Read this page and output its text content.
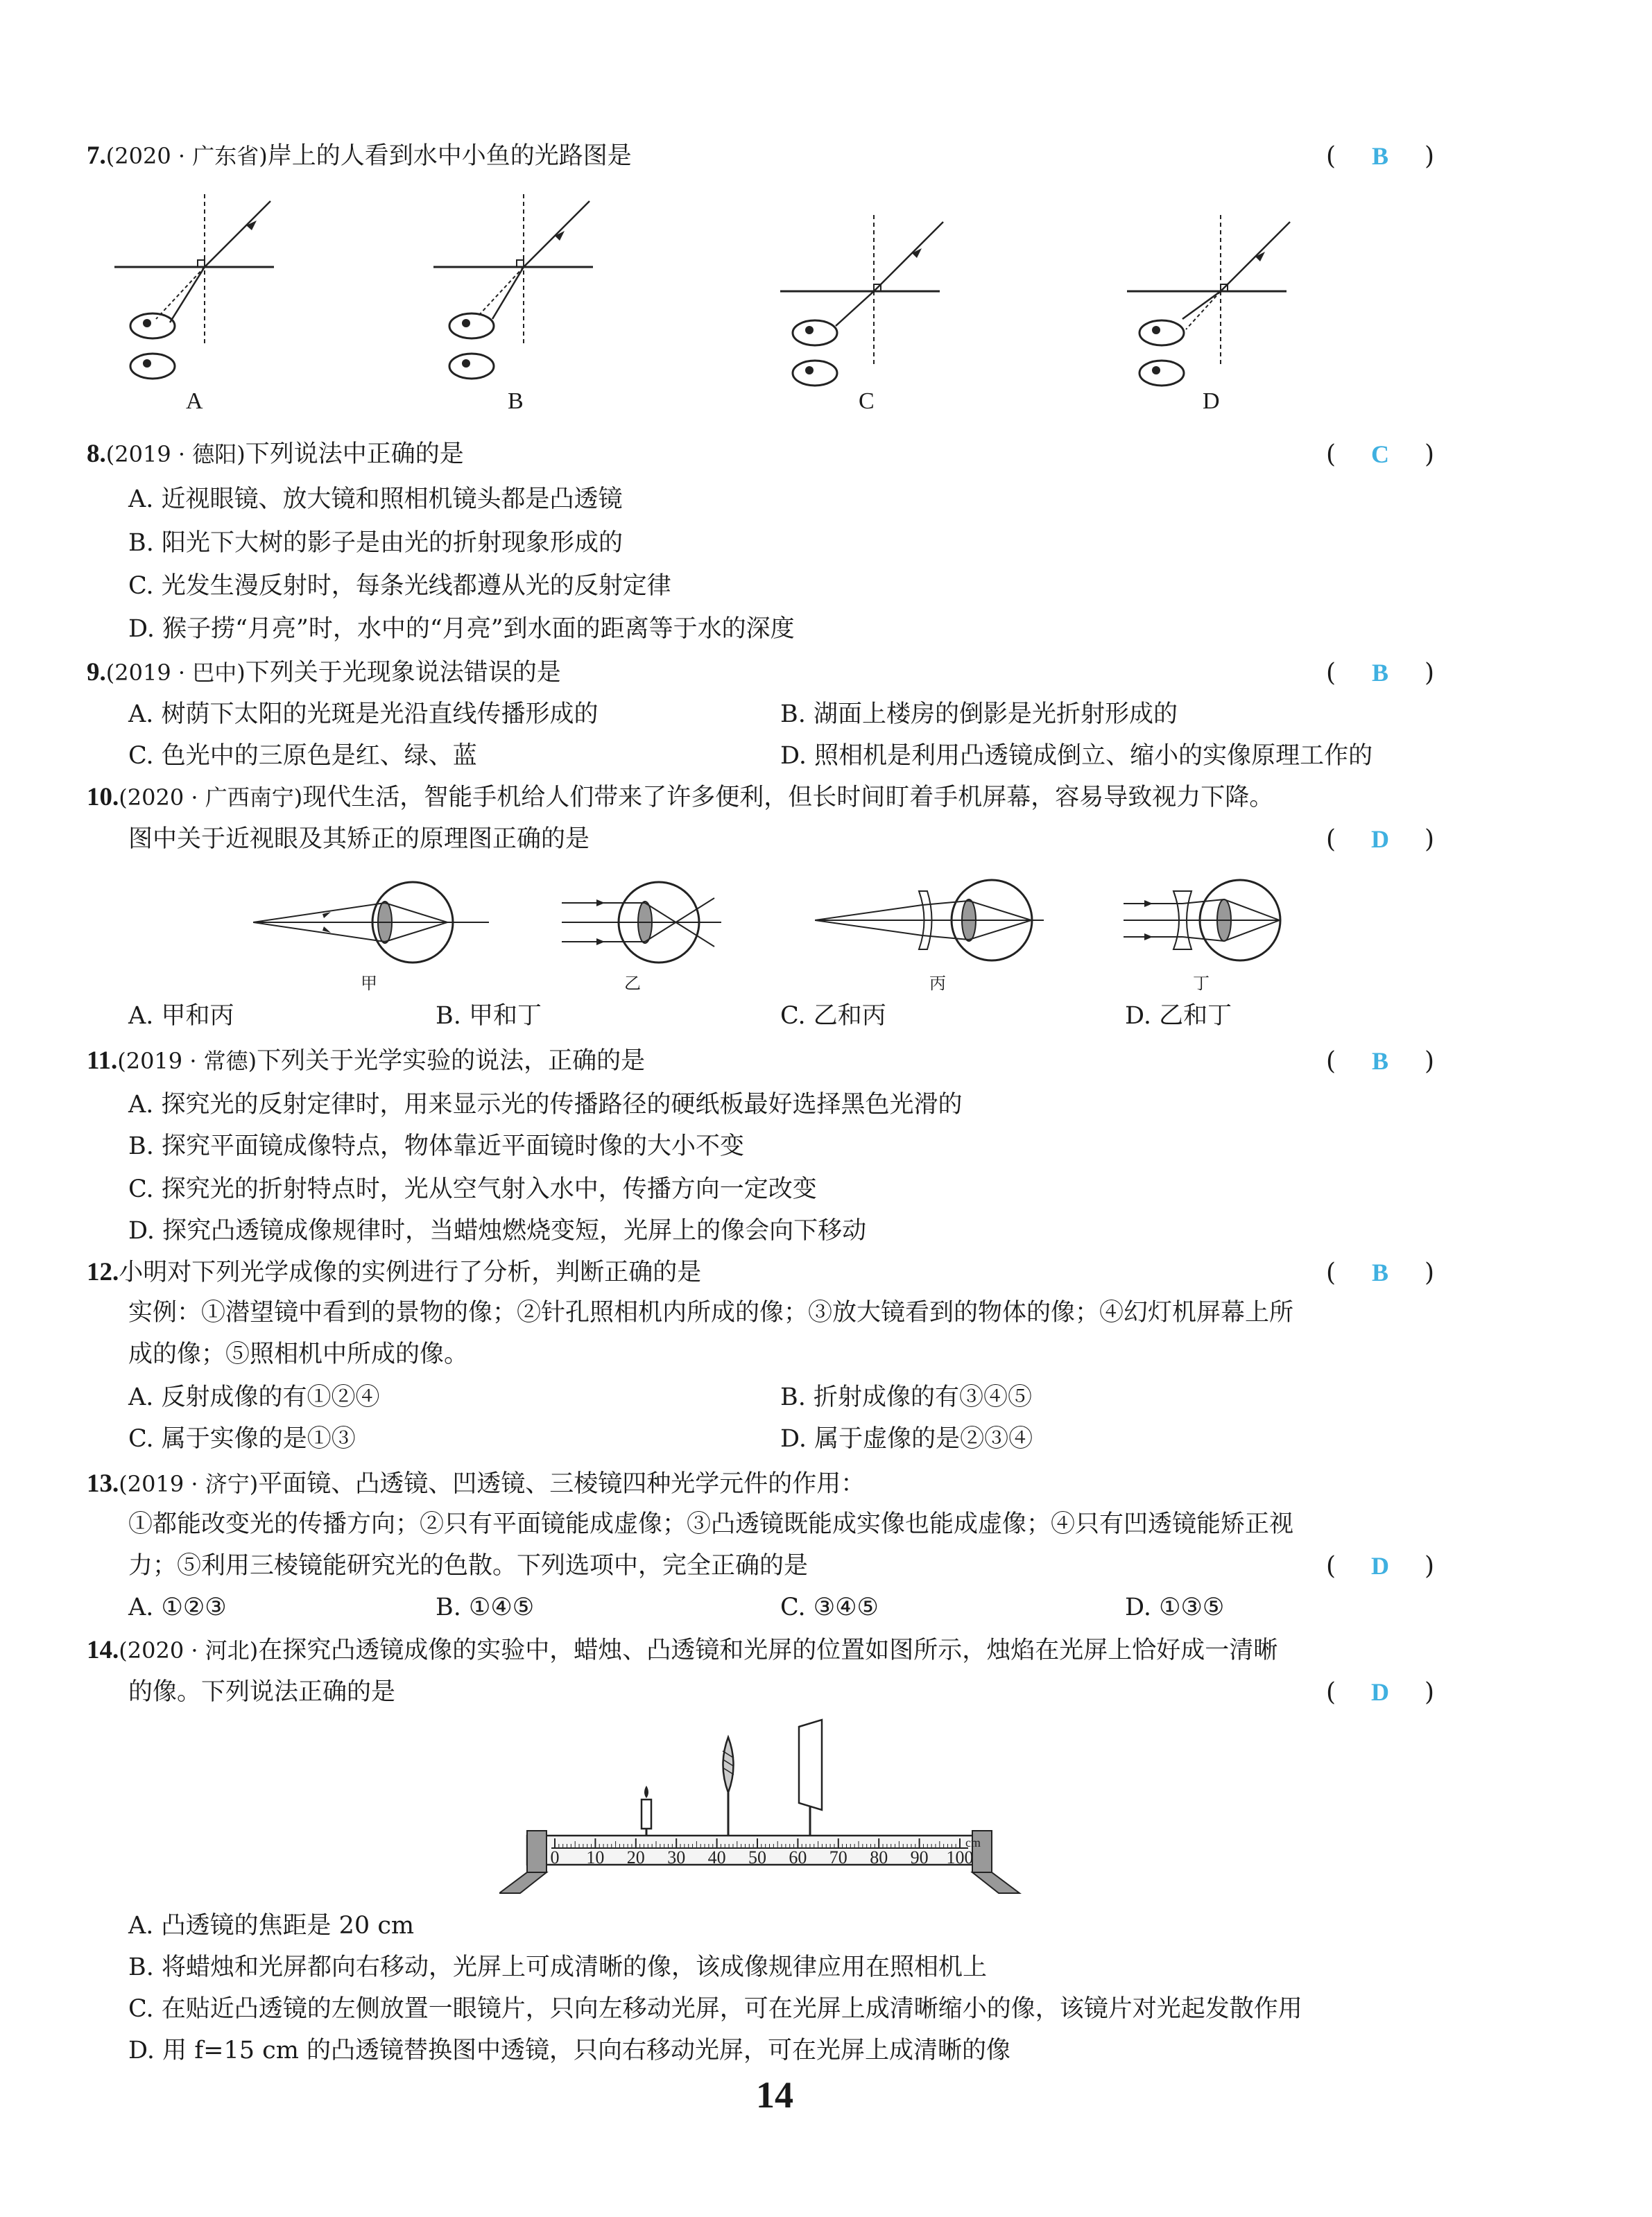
7.(2020 · 广东省)岸上的人看到水中小鱼的光路图是	( B )
A	B	C	D
8.(2019 · 德阳)下列说法中正确的是	( C )
A. 近视眼镜、放大镜和照相机镜头都是凸透镜
B. 阳光下大树的影子是由光的折射现象形成的
C. 光发生漫反射时，每条光线都遵从光的反射定律
D. 猴子捞“月亮”时，水中的“月亮”到水面的距离等于水的深度
9.(2019 · 巴中)下列关于光现象说法错误的是	( B )
A. 树荫下太阳的光斑是光沿直线传播形成的	B. 湖面上楼房的倒影是光折射形成的
C. 色光中的三原色是红、绿、蓝	D. 照相机是利用凸透镜成倒立、缩小的实像原理工作的
10.(2020 · 广西南宁)现代生活，智能手机给人们带来了许多便利，但长时间盯着手机屏幕，容易导致视力下降。
图中关于近视眼及其矫正的原理图正确的是	( D )
甲	乙	丙	丁
A. 甲和丙	B. 甲和丁	C. 乙和丙	D. 乙和丁
11.(2019 · 常德)下列关于光学实验的说法，正确的是	( B )
A. 探究光的反射定律时，用来显示光的传播路径的硬纸板最好选择黑色光滑的
B. 探究平面镜成像特点，物体靠近平面镜时像的大小不变
C. 探究光的折射特点时，光从空气射入水中，传播方向一定改变
D. 探究凸透镜成像规律时，当蜡烛燃烧变短，光屏上的像会向下移动
12.小明对下列光学成像的实例进行了分析，判断正确的是	( B )
实例：①潜望镜中看到的景物的像；②针孔照相机内所成的像；③放大镜看到的物体的像；④幻灯机屏幕上所
成的像；⑤照相机中所成的像。
A. 反射成像的有①②④	B. 折射成像的有③④⑤
C. 属于实像的是①③	D. 属于虚像的是②③④
13.(2019 · 济宁)平面镜、凸透镜、凹透镜、三棱镜四种光学元件的作用：
①都能改变光的传播方向；②只有平面镜能成虚像；③凸透镜既能成实像也能成虚像；④只有凹透镜能矫正视
力；⑤利用三棱镜能研究光的色散。下列选项中，完全正确的是	( D )
A. ①②③	B. ①④⑤	C. ③④⑤	D. ①③⑤
14.(2020 · 河北)在探究凸透镜成像的实验中，蜡烛、凸透镜和光屏的位置如图所示，烛焰在光屏上恰好成一清晰
的像。下列说法正确的是	( D )
0 10 20 30 40 50 60 70 80 90 100
cm
A. 凸透镜的焦距是 20 cm
B. 将蜡烛和光屏都向右移动，光屏上可成清晰的像，该成像规律应用在照相机上
C. 在贴近凸透镜的左侧放置一眼镜片，只向左移动光屏，可在光屏上成清晰缩小的像，该镜片对光起发散作用
D. 用 f=15 cm 的凸透镜替换图中透镜，只向右移动光屏，可在光屏上成清晰的像
14
